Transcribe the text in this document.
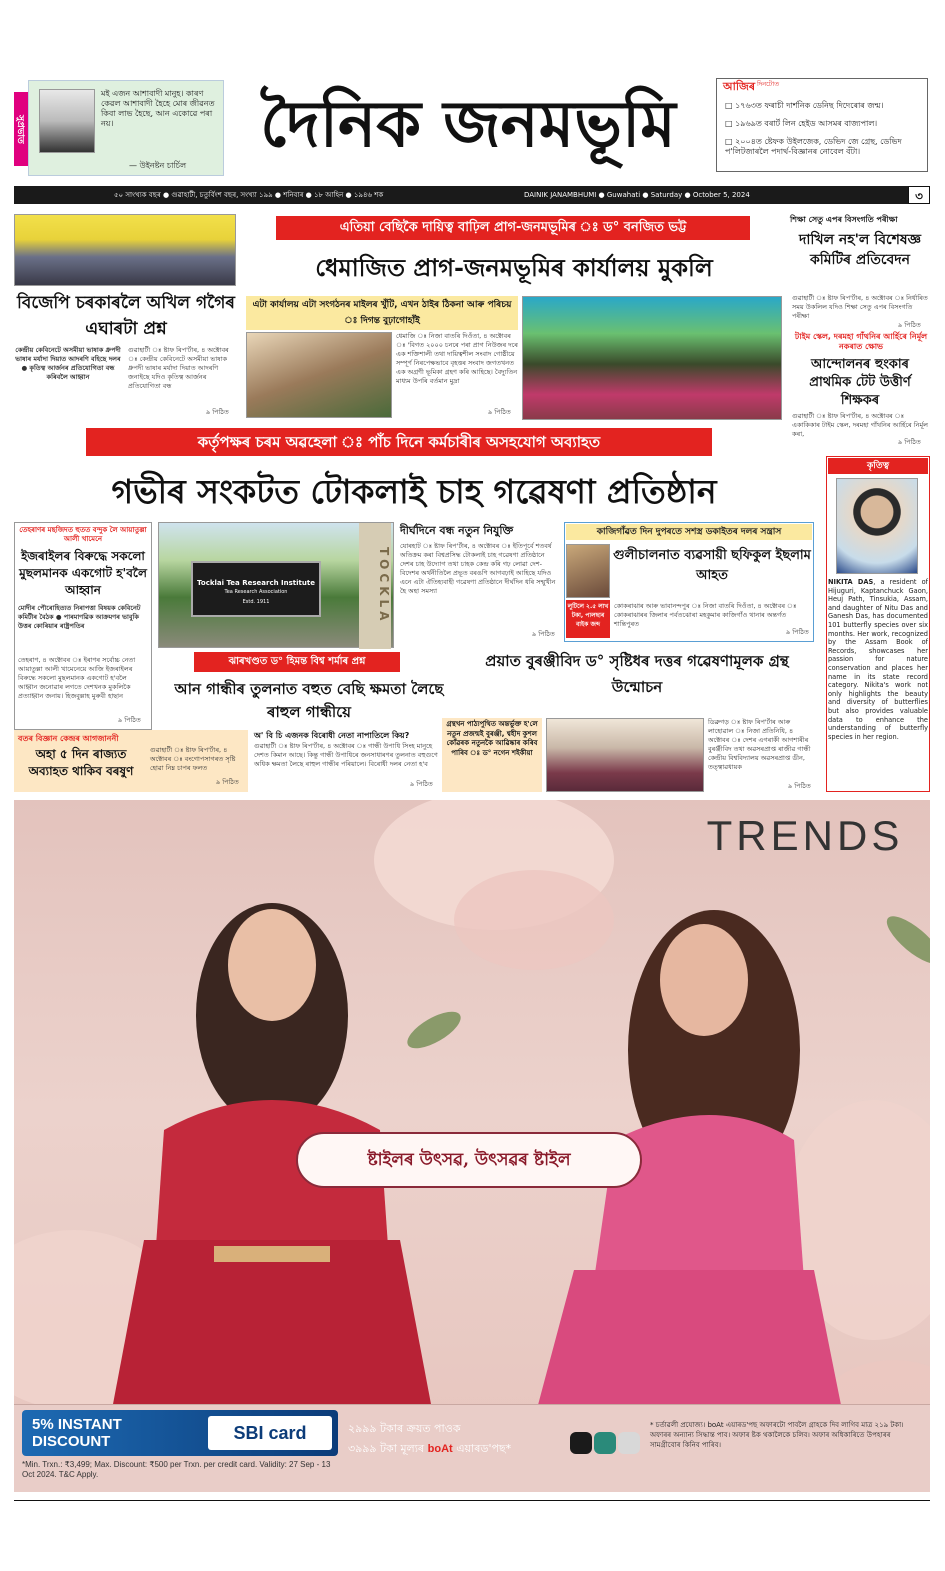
সুপ্ৰভাত
মই এজন আশাবাদী মানুহ। কাৰণ কেৱল আশাবাদী হৈহে মোৰ জীৱনত কিবা লাভ হৈছে, আন একোৱে পৰা নয়।
— উইনষ্টন চাৰ্চিল
দৈনিক জনমভূমি
আজিৰ দিনটোত
□ ১৭৬৩ত ফৰাচী দাৰ্শনিক ডেনিছ দিদেৰোৰ জন্ম।
□ ১৯৬৯ত বৰাৰ্ট লিন হেইড আসমৰ বাজ্যপাল।
□ ২০০৪ত ষ্টেফক উইলজেক, ডেভিদ জে গ্ৰেছ, ডেভিদ প'লিটজাৰলৈ পদাৰ্থ-বিজ্ঞানৰ নোবেল বঁটা।
৫০ সাংখ্যক বছৰ ● গুৱাহাটী, চতুৰ্বিংশ বছৰ, সংখ্যা ১৯৯ ● শনিবাৰ ● ১৮ আহিন ● ১৯৪৬ শক	DAINIK JANAMBHUMI ● Guwahati ● Saturday ● October 5, 2024	৩
বিজেপি চৰকাৰলৈ অখিল গগৈৰ এঘাৰটা প্ৰশ্ন
কেন্দ্ৰীয় কেবিনেটে অসমীয়া ভাষাক ধ্ৰুপদী ভাষাৰ মৰ্যাদা দিয়াত আদৰণি বহিছে দলৰ ● কৃতিত্ব আৰ্জনৰ প্ৰতিযোগিতা বন্ধ কৰিবলৈ আহ্বান
গুৱাহাটী ঃ ষ্টাফ ৰিপ'ৰ্টাৰ, ৪ অক্টোবৰ ঃ কেন্দ্ৰীয় কেবিনেটে অসমীয়া ভাষাক ধ্ৰুপদী ভাষাৰ মৰ্যাদা দিয়াত আদৰণি জনাইছে যদিও কৃতিত্ব আৰ্জনৰ প্ৰতিযোগিতা বন্ধ
৯ পিঠিত
এতিয়া বেছিকৈ দায়িত্ব বাঢ়িল প্ৰাগ-জনমভূমিৰ ঃ ড° বনজিত ভট্ট
ধেমাজিত প্ৰাগ-জনমভূমিৰ কাৰ্যালয় মুকলি
এটা কাৰ্যালয় এটা সংগঠনৰ মাইলৰ খুঁটি, এখন ঠাইৰ ঠিকনা আৰু পৰিচয় ঃ দিগন্ত বুঢ়াগোহাঁই
ধেমাজি ঃ নিজা বাতৰি দিওঁতা, ৪ অক্টোবৰ ঃ 'বিগত ২০০০ চনৰে পৰা প্ৰাগ নিউজৰ দৰে এক শক্তিশালী তথা দায়িত্বশীল সংবাদ গোষ্ঠীয়ে সম্পূৰ্ণ নিৰপেক্ষভাবে বৃহত্তৰ সংবাদ জগতখনত এক অগ্ৰণী ভূমিকা গ্ৰহণ কৰি আহিছে। বৈদ্যুতিন মাধ্যম উপৰি বৰ্তমান মুদ্ৰা
৯ পিঠিত
শিক্ষা সেতু এপৰ বিসংগতি পৰীক্ষা
দাখিল নহ'ল বিশেষজ্ঞ কমিটিৰ প্ৰতিবেদন
গুৱাহাটী ঃ ষ্টাফ ৰিপ'ৰ্টাৰ, ৪ অক্টোবৰ ঃ নিৰ্ধাৰিত সময় উকলিল যদিও শিক্ষা সেতু এপৰ বিসংগতি পৰীক্ষা
৯ পিঠিত
টাইম স্কেল, দৰমহা গাঁথনিৰ আৰ্হিৰে নিৰ্মূল নকৰাত ক্ষোভ
আন্দোলনৰ হুংকাৰ প্ৰাথমিক টেট উত্তীৰ্ণ শিক্ষকৰ
গুৱাহাটী ঃ ষ্টাফ ৰিপ'ৰ্টাৰ, ৪ অক্টোবৰ ঃ একাকিকাৰ টাইম স্কেল, দৰমহা গাঁথনিৰ আৰ্হিৰে নিৰ্মূল কৰা,
৯ পিঠিত
কৰ্তৃপক্ষৰ চৰম অৱহেলা ঃ পাঁচ দিনে কৰ্মচাৰীৰ অসহযোগ অব্যাহত
গভীৰ সংকটত টোকলাই চাহ গৱেষণা প্ৰতিষ্ঠান
তেহৰাণৰ মছজিদত হুতত বন্দুক লৈ আয়াতুল্লা আলী খামেনে
ইজৰাইলৰ বিৰুদ্ধে সকলো মুছলমানক একগোট হ'বলৈ আহ্বান
মোদীৰ পৌৰোহিত্যত নিৰাপত্তা বিষয়ক কেবিনেট কমিটীৰ বৈঠক ● পাৰমাণৱিক আক্ৰমণৰ ভাবুকি উত্তৰ কোৰিয়াৰ ৰাষ্ট্ৰপতিৰ
তেহৰাণ, ৪ অক্টোবৰ ঃ ইৰাণৰ সৰ্বোচ্চ নেতা আয়াতুল্লা আলী খামেনেয়ে আজি ইজৰাইলৰ বিৰুদ্ধে সকলো মুছলমানক একগোট হ'বলৈ আহ্বান জনোৱাৰ লগতে দেশখনক মুকলিকৈ প্ৰত্যাহ্বান জনায়। হিজবুল্লাহ মুৰুবী হাছান
৯ পিঠিত
Tocklai Tea Research Institute
Tea Research Association
Estd. 1911	TOCKLA
ঝাৰখণ্ডত ড° হিমন্ত বিশ্ব শৰ্মাৰ প্ৰশ্ন
আন গান্ধীৰ তুলনাত বহুত বেছি ক্ষমতা লৈছে ৰাহুল গান্ধীয়ে
দীৰ্ঘদিনে বন্ধ নতুন নিযুক্তি
যোৰহাট ঃ ষ্টাফ ৰিপ'ৰ্টাৰ, ৪ অক্টোবৰ ঃ ইতিপূৰ্বে শতবৰ্ষ অতিক্ৰম কৰা বিশ্বপ্ৰসিদ্ধ টোকলাই চাহ গৱেষণা প্ৰতিষ্ঠানে দেশৰ চাহ উদ্যোগ তথা চাহক কেন্দ্ৰ কৰি গঢ় লোৱা দেশ-বিদেশৰ অৰ্থনীতিলৈ প্ৰভূত বৰঙণি আগবঢ়াই আহিছে যদিও এনে এটা ঐতিহ্যবাহী গৱেষণা প্ৰতিষ্ঠানে দীৰ্ঘদিন ধৰি সন্মুখীন হৈ অহা সমস্যা
৯ পিঠিত
কাজিগাঁৱত দিন দুপৰতে সশস্ত্ৰ ডকাইতৰ দলৰ সন্ত্ৰাস
গুলীচালনাত ব্যৱসায়ী ছফিকুল ইছলাম আহত
লুটিলে ২.৫ লাখ টকা, পালছাৰ বাইক জব্দ
কোকৰাঝাৰ আৰু ভাবানন্দপুৰ ঃ নিজা বাতৰি দিওঁতা, ৪ অক্টোবৰ ঃ কোকৰাঝাৰৰ জিলাৰ পৰ্বতঝোৰা মহকুমাৰ কাজিগাঁও থানাৰ অন্তৰ্গত শান্তিপুৰত
৯ পিঠিত
প্ৰয়াত বুৰঞ্জীবিদ ড° সৃষ্টিধৰ দত্তৰ গৱেষণামূলক গ্ৰন্থ উন্মোচন
অ' বি চি এজনক বিৰোধী নেতা নাপাতিলে কিয়?
গুৱাহাটী ঃ ষ্টাফ ৰিপ'ৰ্টাৰ, ৪ অক্টোবৰ ঃ গান্ধী উপাধি সিংহ মানুহে দেশত কিমান আছে। কিন্তু গান্ধী উপাধিৰে জনসাধাৰণৰ তুলনাত বহুগুণে অধিক ক্ষমতা লৈছে ৰাহুল গান্ধীৰ পৰিয়ালে। বিৰোধী দলৰ নেতা হ'ব
৯ পিঠিত
বতৰ বিজ্ঞান কেন্দ্ৰৰ আগজাননী
অহা ৫ দিন ৰাজ্যত অব্যাহত থাকিব বৰষুণ
গুৱাহাটী ঃ ষ্টাফ ৰিপ'ৰ্টাৰ, ৪ অক্টোবৰ ঃ বংগোপসাগৰত সৃষ্টি হোৱা নিম্ন চাপৰ ফলত
৯ পিঠিত
গ্ৰন্থখন পাঠ্যপুথিত অন্তৰ্ভুক্ত হ'লে নতুন প্ৰজন্মই বুৰঞ্জী, শ্বহীদ কুশল কোঁৱৰক নতুনকৈ আৱিষ্কাৰ কৰিব পাৰিব ঃ ড° নগেন শইকীয়া
ডিব্ৰুগড় ঃ ষ্টাফ ৰিপ'ৰ্টাৰ আৰু লাহোৱাল ঃ নিজা প্ৰতিনিধি, ৪ অক্টোবৰ ঃ দেশৰ এগৰাকী আগশাৰীৰ বুৰঞ্জীবিদ তথা অৱসৰপ্ৰাপ্ত ৰাজীৱ গান্ধী কেন্দ্ৰীয় বিশ্ববিদ্যালয় অৱসৰপ্ৰাপ্ত ডীন, তত্ত্বাৱধায়ক
৯ পিঠিত
কৃতিত্ব
NIKITA DAS, a resident of Hijuguri, Kaptanchuck Gaon, Heuj Path, Tinsukia, Assam, and daughter of Nitu Das and Ganesh Das, has documented 101 butterfly species over six months. Her work, recognized by the Assam Book of Records, showcases her passion for nature conservation and places her name in its state record category. Nikita's work not only highlights the beauty and diversity of butterflies but also provides valuable data to enhance the understanding of butterfly species in her region.
TRENDS
ষ্টাইলৰ উৎসৱ, উৎসৱৰ ষ্টাইল
5% INSTANT DISCOUNT	SBI card
*Min. Trxn.: ₹3,499; Max. Discount: ₹500 per Trxn. per credit card. Validity: 27 Sep - 13 Oct 2024. T&C Apply.
২৯৯৯ টকাৰ ক্ৰয়ত পাওক
৩৯৯৯ টকা মূল্যৰ boAt এয়াৰড'পছ*
* চৰ্তাৱলী প্ৰযোজ্য। boAt এয়াৰড'পছ অফাৰটো পাবলৈ গ্ৰাহকে দিব লাগিব মাত্ৰ ২১৯ টকা। অফাৰৰ অন্যান্য সিদ্ধান্ত পাব। অফাৰ ষ্টক থকালৈকে চলিব। অফাৰ অধিকাৰিতে উপহাৰৰ সামগ্ৰীবোৰ কিনিব পাৰিব।
